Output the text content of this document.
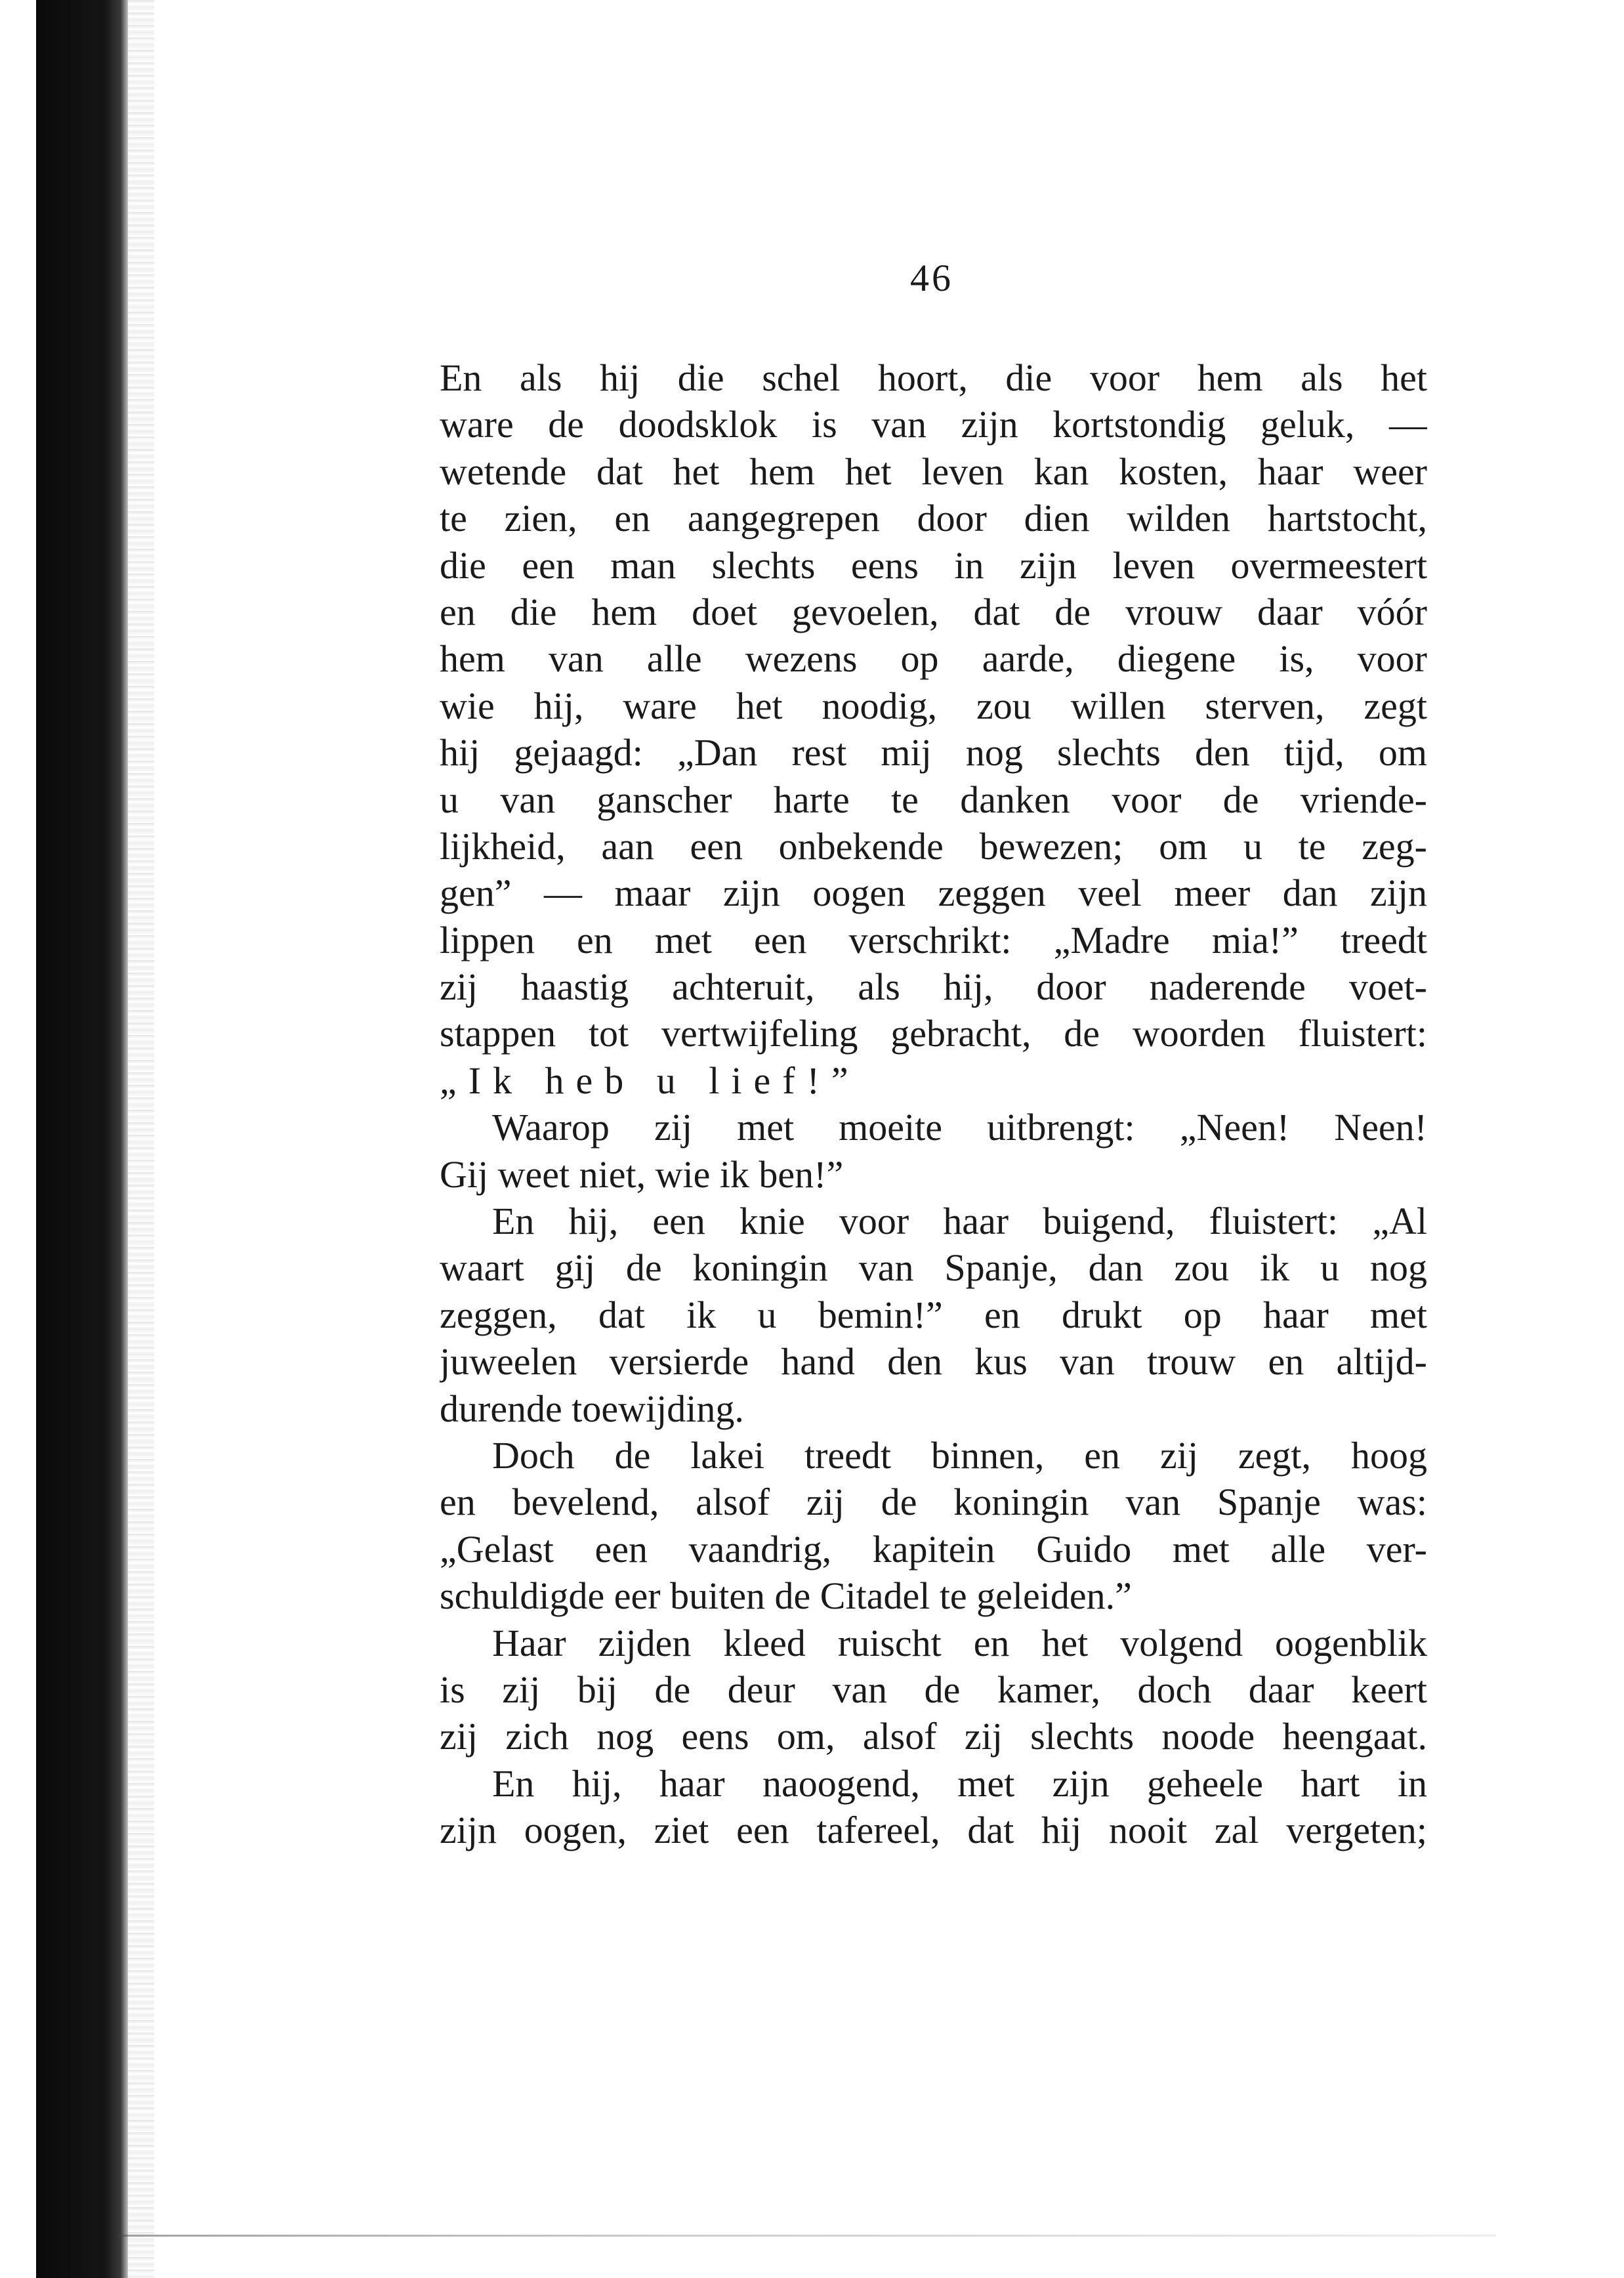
46
En als hij die schel hoort, die voor hem als het
ware de doodsklok is van zijn kortstondig geluk, —
wetende dat het hem het leven kan kosten, haar weer
te zien, en aangegrepen door dien wilden hartstocht,
die een man slechts eens in zijn leven overmeestert
en die hem doet gevoelen, dat de vrouw daar vóór
hem van alle wezens op aarde, diegene is, voor
wie hij, ware het noodig, zou willen sterven, zegt
hij gejaagd: „Dan rest mij nog slechts den tijd, om
u van ganscher harte te danken voor de vriende-
lijkheid, aan een onbekende bewezen; om u te zeg-
gen” — maar zijn oogen zeggen veel meer dan zijn
lippen en met een verschrikt: „Madre mia!” treedt
zij haastig achteruit, als hij, door naderende voet-
stappen tot vertwijfeling gebracht, de woorden fluistert:
„Ik heb u lief!”
Waarop zij met moeite uitbrengt: „Neen! Neen!
Gij weet niet, wie ik ben!”
En hij, een knie voor haar buigend, fluistert: „Al
waart gij de koningin van Spanje, dan zou ik u nog
zeggen, dat ik u bemin!” en drukt op haar met
juweelen versierde hand den kus van trouw en altijd-
durende toewijding.
Doch de lakei treedt binnen, en zij zegt, hoog
en bevelend, alsof zij de koningin van Spanje was:
„Gelast een vaandrig, kapitein Guido met alle ver-
schuldigde eer buiten de Citadel te geleiden.”
Haar zijden kleed ruischt en het volgend oogenblik
is zij bij de deur van de kamer, doch daar keert
zij zich nog eens om, alsof zij slechts noode heengaat.
En hij, haar naoogend, met zijn geheele hart in
zijn oogen, ziet een tafereel, dat hij nooit zal vergeten;
